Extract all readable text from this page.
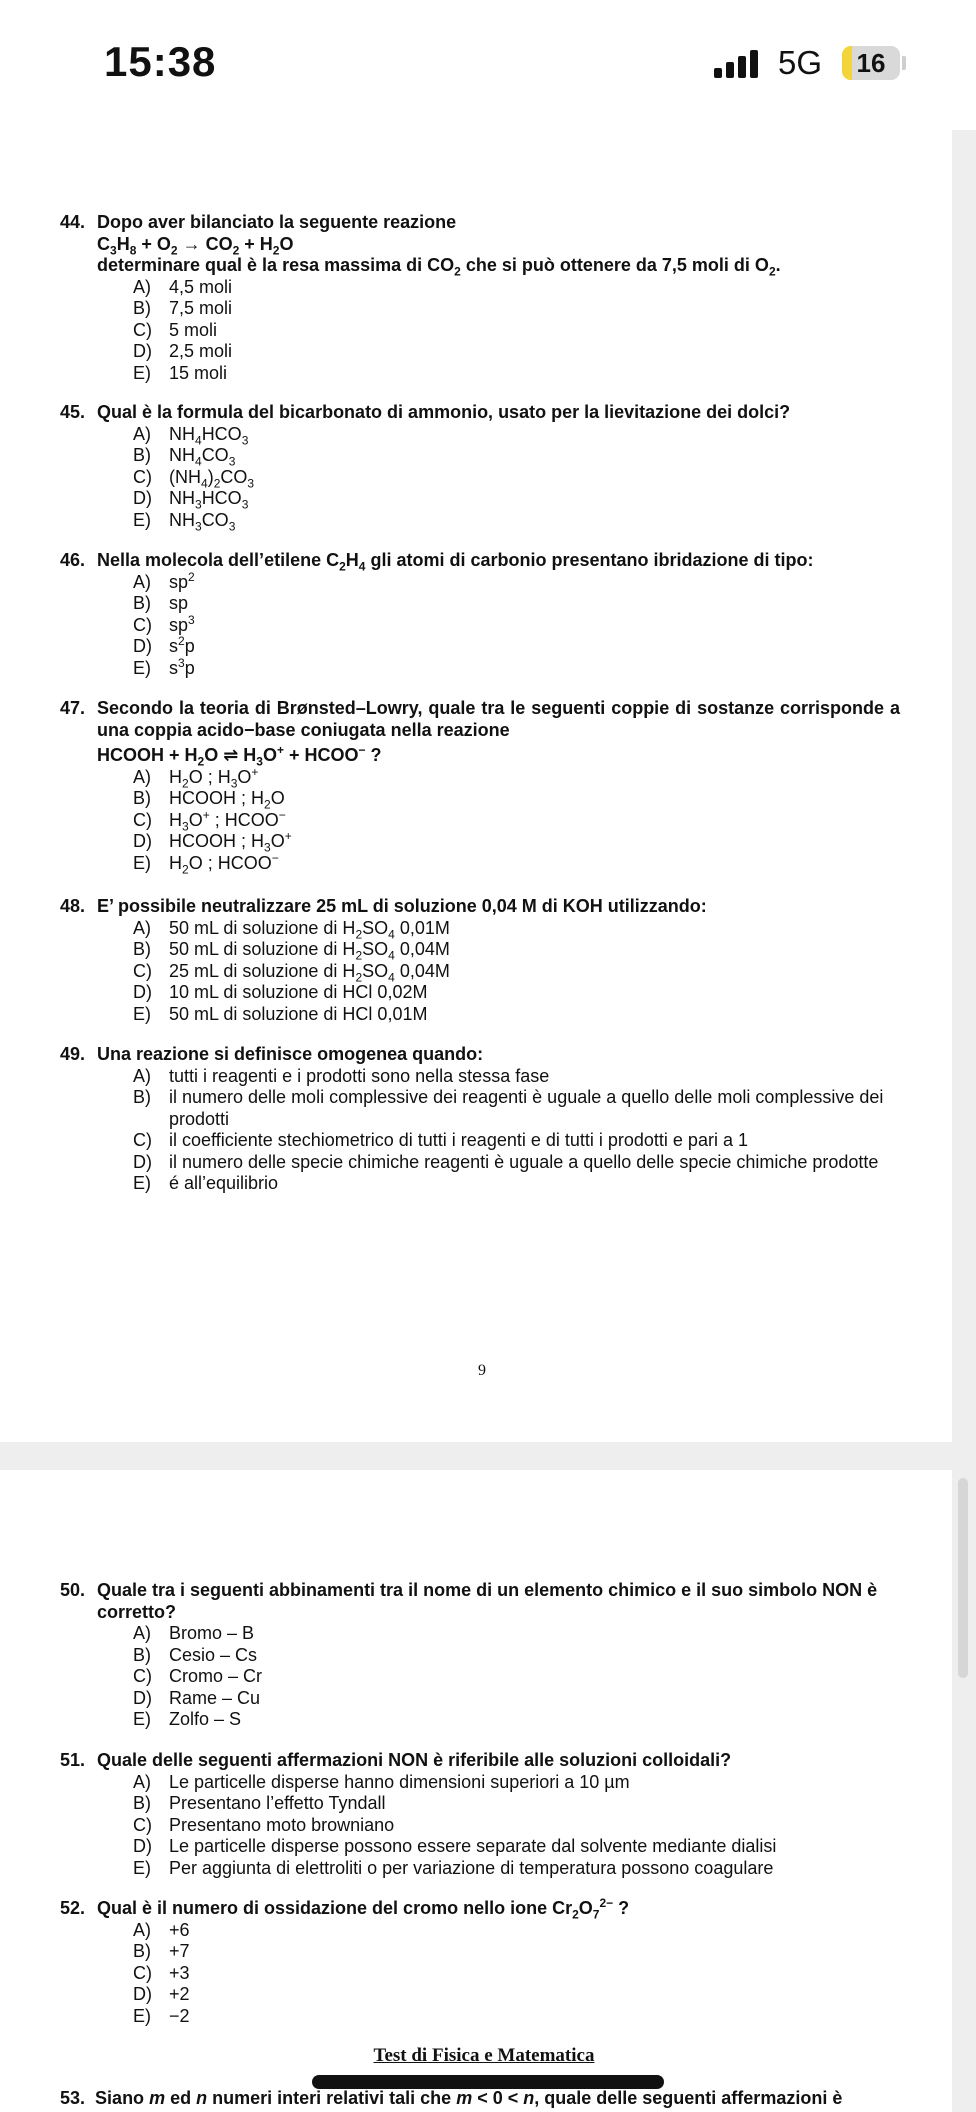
15:38	5G	16
44. Dopo aver bilanciato la seguente reazione
$C_3H_8 + O_2 \to CO_2 + H_2O$
determinare qual è la resa massima di $CO_2$ che si può ottenere da 7,5 moli di $O_2$.
A)	4,5 moli
B)	7,5 moli
C) 5 moli
D) 2,5 moli
E)	15 moli
45. Qual è la formula del bicarbonato di ammonio, usato per la lievitazione dei dolci?
A)	$NH_4HCO_3$
B)	$NH_4CO_3$
C) $(NH_4)_2CO_3$
D) $NH_3HCO_3$
E)	$NH_3CO_3$
46. Nella molecola dell’etilene $C_2H_4$ gli atomi di carbonio presentano ibridazione di tipo:
A)	$sp^2$
B)	sp
C) $sp^3$
D) $s^2p$
E)	$s^3p$
47. Secondo la teoria di Brønsted–Lowry, quale tra le seguenti coppie di sostanze corrisponde a una coppia acido−base coniugata nella reazione
HCOOH + $H_2O$ ⇌ $H_3O^+$ + HCOO− ?
A)	$H_2O$ ; $H_3O^+$
B)	HCOOH ; $H_2O$
C) $H_3O^+$ ; HCOO−
D) HCOOH ; $H_3O^+$
E)	$H_2O$ ; HCOO−
48. E’ possibile neutralizzare 25 mL di soluzione 0,04 M di KOH utilizzando:
A)	50 mL di soluzione di $H_2SO_4$ 0,01M
B)	50 mL di soluzione di $H_2SO_4$ 0,04M
C) 25 mL di soluzione di $H_2SO_4$ 0,04M
D) 10 mL di soluzione di HCl 0,02M
E)	50 mL di soluzione di HCl 0,01M
49. Una reazione si definisce omogenea quando:
A)	tutti i reagenti e i prodotti sono nella stessa fase
B)	il numero delle moli complessive dei reagenti è uguale a quello delle moli complessive dei prodotti
C) il coefficiente stechiometrico di tutti i reagenti e di tutti i prodotti e pari a 1
D) il numero delle specie chimiche reagenti è uguale a quello delle specie chimiche prodotte
E)	é all’equilibrio
9
50. Quale tra i seguenti abbinamenti tra il nome di un elemento chimico e il suo simbolo NON è corretto?
A)	Bromo – B
B)	Cesio – Cs
C) Cromo – Cr
D) Rame – Cu
E)	Zolfo – S
51. Quale delle seguenti affermazioni NON è riferibile alle soluzioni colloidali?
A)	Le particelle disperse hanno dimensioni superiori a 10 µm
B)	Presentano l’effetto Tyndall
C) Presentano moto browniano
D) Le particelle disperse possono essere separate dal solvente mediante dialisi
E)	Per aggiunta di elettroliti o per variazione di temperatura possono coagulare
52. Qual è il numero di ossidazione del cromo nello ione $Cr_2O_7^{2-}$ ?
A)	+6
B)	+7
C) +3
D) +2
E)	−2
Test di Fisica e Matematica
53. Siano m ed n numeri interi relativi tali che m < 0 < n, quale delle seguenti affermazioni è
